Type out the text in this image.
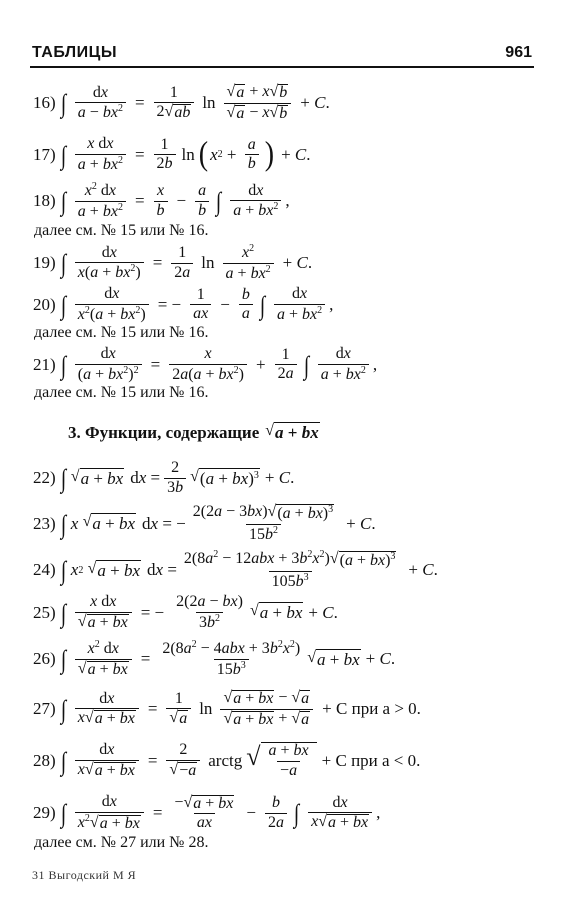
ТАБЛИЦЫ	961
16) ∫ $\frac{dx}{a - bx^2} = \frac{1}{2 √ ab}$ $\ln \frac{√ a + x √ b}{√ a - x √ b} + C$.
17) ∫ $\frac{\text{x dx}}{a + bx^2} = \frac{1}{2b}$ ln ( x $2 + \frac{a}{b}$ ) + C.
18) ∫ $\frac{x^2 dx}{a + bx^2} = \frac{x}{b} - \frac{a}{b}$ ∫ $\frac{dx}{a + bx^2}$ ,
далее см. № 15 или № 16.
19) ∫ $\frac{dx}{x(a + bx^2)} = \frac{1}{2a}$ $\ln \frac{x^2}{a + bx^2} + C$.
20) ∫ $\frac{dx}{x^2(a + bx^2)}$ = − $\frac{1}{ax} - \frac{b}{a}$ ∫ $\frac{dx}{a + bx^2}$ ,
далее см. № 15 или № 16.
21) ∫ $\frac{dx}{(a + bx^2)^2} = \frac{x}{2a(a + bx^2)} + \frac{1}{2a}$ ∫ $\frac{dx}{a + bx^2}$ ,
далее см. № 15 или № 16.
3. Функции, содержащие √ a + bx
22) ∫ √ a + bx dx = $\frac{2}{3b}$ √ (a + bx)$^3$ + C.
23) ∫ x
√ a + bx dx = − $\frac{2(2a - 3bx) √ (a + bx)^3}{15b^2} + C$.
24) ∫ x 2
√ a + bx dx = $\frac{2(8a^2 - 12abx + 3b^2x^2) √ (a + bx)^3}{105b^3} + C$.
25) ∫ $\frac{\text{x dx}}{√ a + bx}$ = − $\frac{2(2a - bx)}{3b^2}$ √ a + bx + C.
26) ∫ $\frac{x^2 dx}{√ a + bx} = \frac{2(8a^2 - 4abx + 3b^2x^2)}{15b^3}$ √ a + bx + C.
27) ∫ $\frac{dx}{x √ a + bx} = \frac{1}{√ a}$ $\ln \frac{√ a + bx - √ a}{√ a + bx + √ a} + C$ при a > 0.
28) ∫ $\frac{dx}{x √ a + bx} = \frac{2}{√ -a}$ arctg √ $\frac{a + bx}{-a} + C$ при a < 0.
29) ∫ $\frac{dx}{x^2 √ a + bx} = \frac{- √ a + bx}{ax} - \frac{b}{2a}$ ∫ $\frac{dx}{x √ a + bx}$ ,
далее см. № 27 или № 28.
31 Выгодский М Я
